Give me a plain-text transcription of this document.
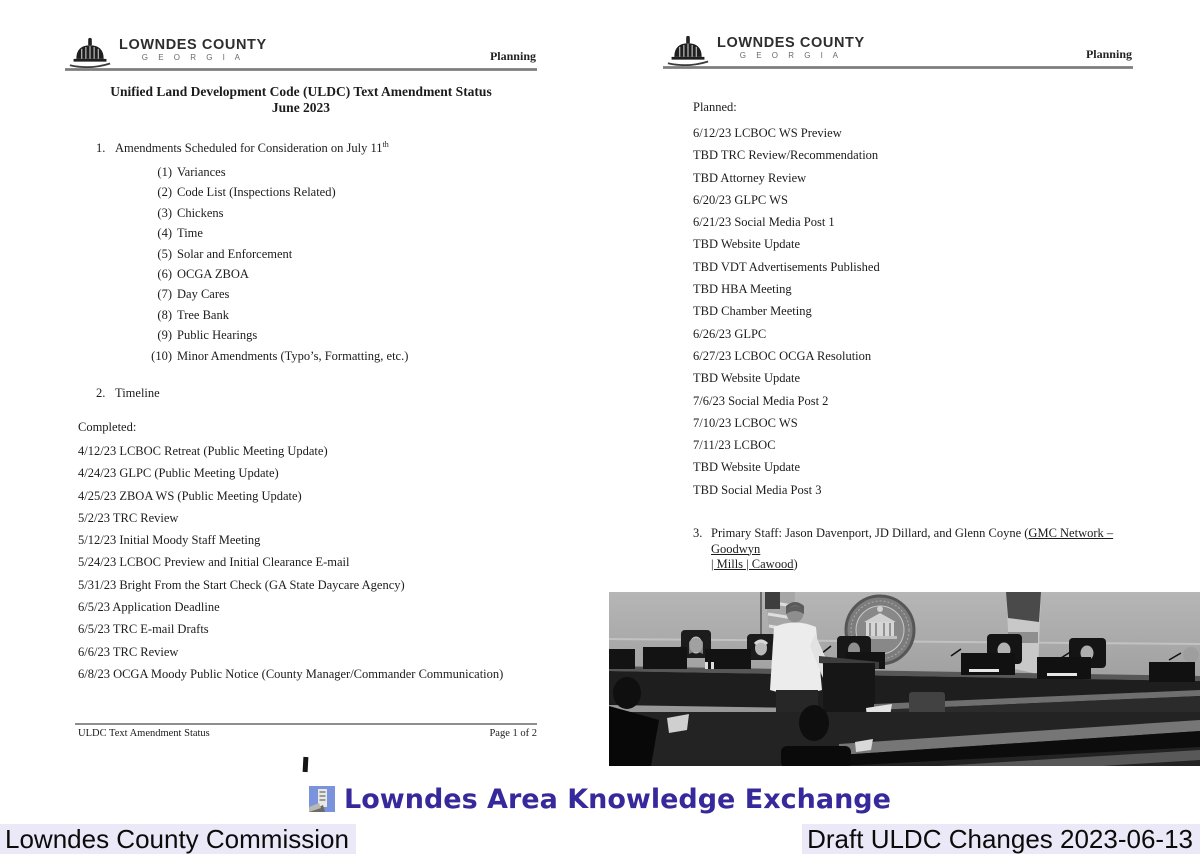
LOWNDES COUNTY
G E O R G I A	Planning
Unified Land Development Code (ULDC) Text Amendment Status
June 2023
1. Amendments Scheduled for Consideration on July 11th
(1) Variances
(2) Code List (Inspections Related)
(3) Chickens
(4) Time
(5) Solar and Enforcement
(6) OCGA ZBOA
(7) Day Cares
(8) Tree Bank
(9) Public Hearings
(10) Minor Amendments (Typo’s, Formatting, etc.)
2. Timeline
Completed:
4/12/23 LCBOC Retreat (Public Meeting Update)
4/24/23 GLPC (Public Meeting Update)
4/25/23 ZBOA WS (Public Meeting Update)
5/2/23 TRC Review
5/12/23 Initial Moody Staff Meeting
5/24/23 LCBOC Preview and Initial Clearance E-mail
5/31/23 Bright From the Start Check (GA State Daycare Agency)
6/5/23 Application Deadline
6/5/23 TRC E-mail Drafts
6/6/23 TRC Review
6/8/23 OCGA Moody Public Notice (County Manager/Commander Communication)
ULDC Text Amendment Status	Page 1 of 2
LOWNDES COUNTY
G E O R G I A	Planning
Planned:
6/12/23 LCBOC WS Preview
TBD TRC Review/Recommendation
TBD Attorney Review
6/20/23 GLPC WS
6/21/23 Social Media Post 1
TBD Website Update
TBD VDT Advertisements Published
TBD HBA Meeting
TBD Chamber Meeting
6/26/23 GLPC
6/27/23 LCBOC OCGA Resolution
TBD Website Update
7/6/23 Social Media Post 2
7/10/23 LCBOC WS
7/11/23 LCBOC
TBD Website Update
TBD Social Media Post 3
3. Primary Staff: Jason Davenport, JD Dillard, and Glenn Coyne (GMC Network – Goodwyn
| Mills | Cawood)
Lowndes Area Knowledge Exchange
Lowndes County Commission	Draft ULDC Changes 2023-06-13
